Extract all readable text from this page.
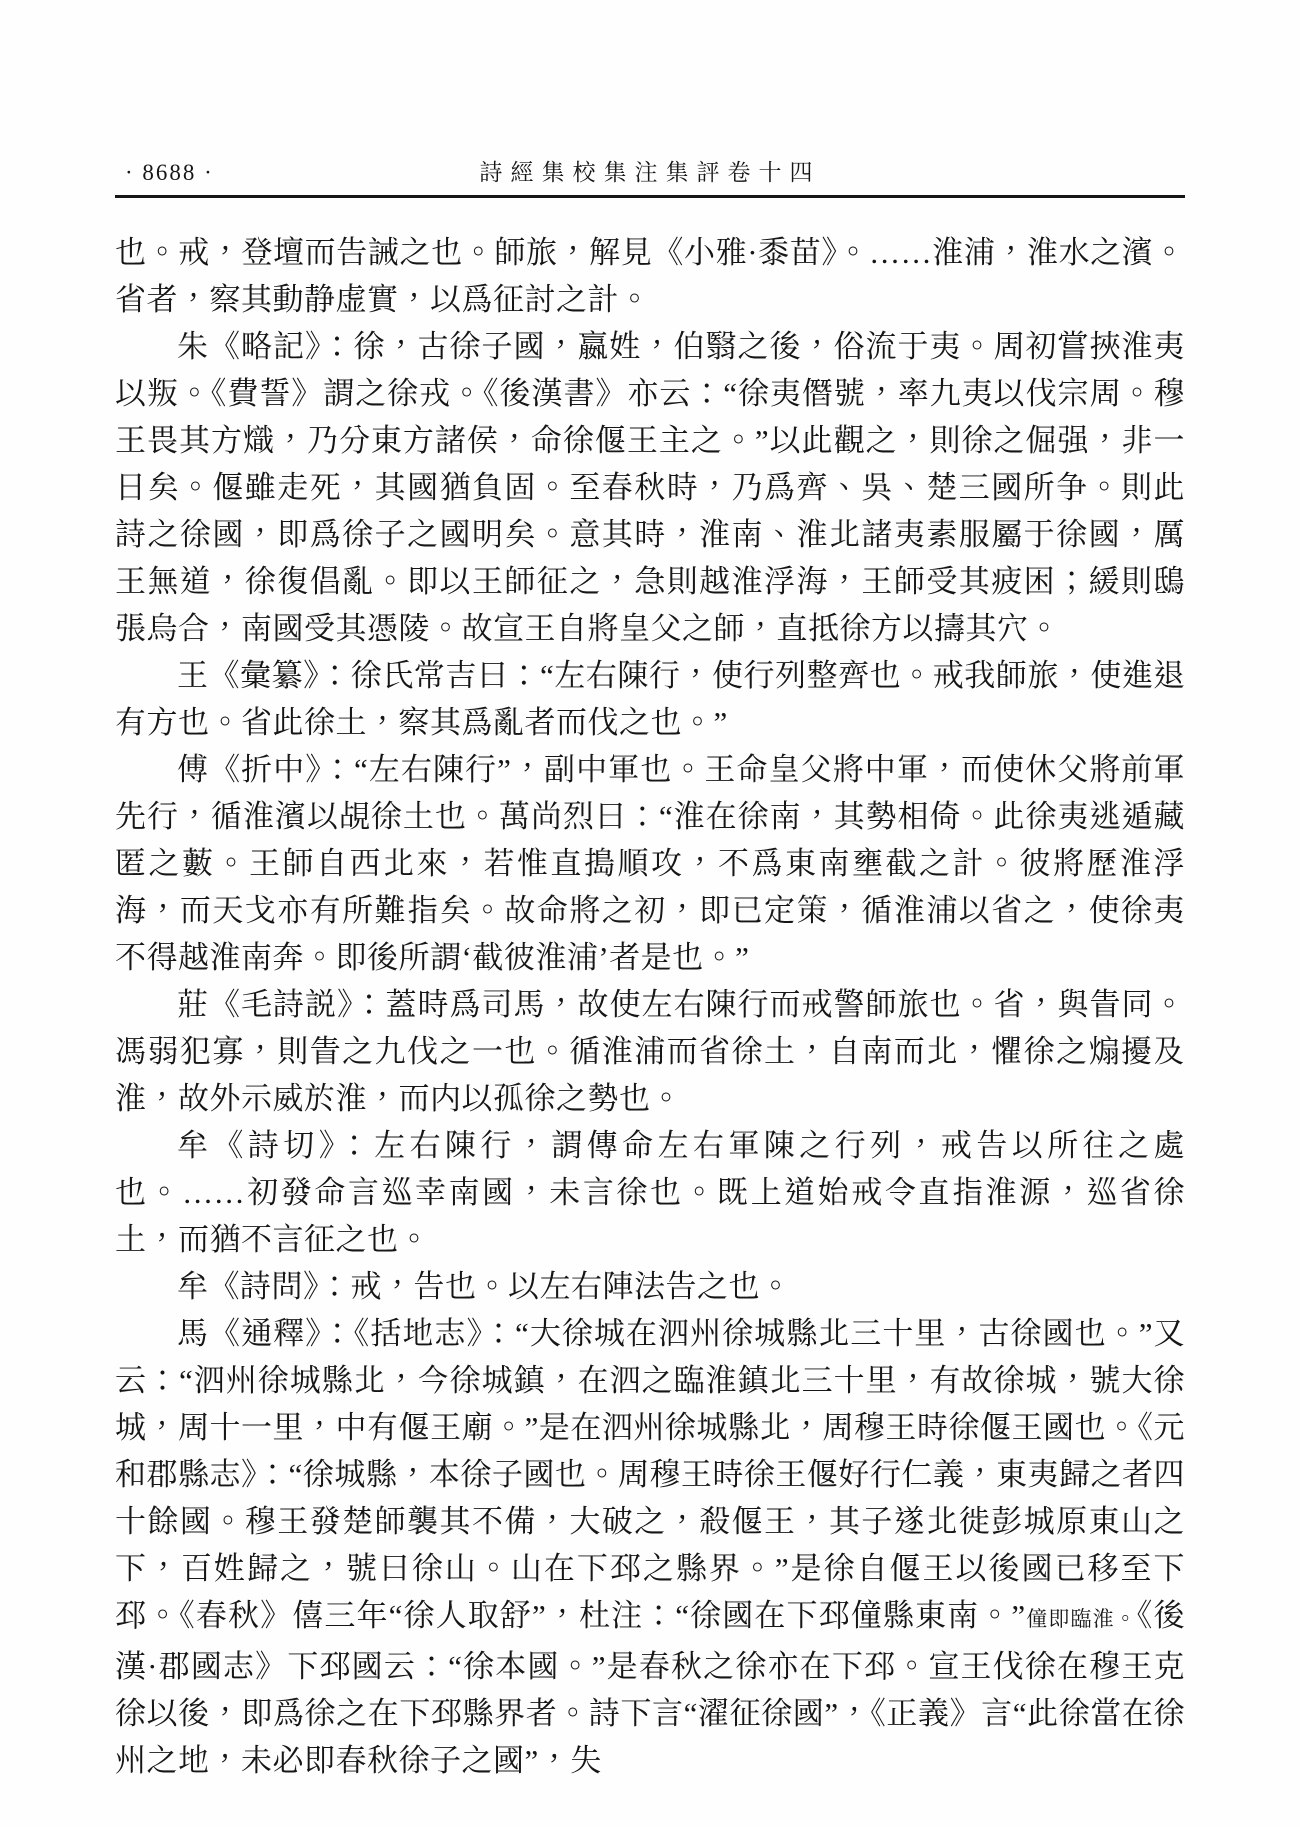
· 8688 ·	詩經集校集注集評卷十四

也。戒，登壇而告誡之也。師旅，解見《小雅·黍苗》。……淮浦，淮水之濱。省者，察其動静虚實，以爲征討之計。

朱《略記》：徐，古徐子國，嬴姓，伯翳之後，俗流于夷。周初嘗挾淮夷以叛。《費誓》謂之徐戎。《後漢書》亦云：“徐夷僭號，率九夷以伐宗周。穆王畏其方熾，乃分東方諸侯，命徐偃王主之。”以此觀之，則徐之倔强，非一日矣。偃雖走死，其國猶負固。至春秋時，乃爲齊、吳、楚三國所争。則此詩之徐國，即爲徐子之國明矣。意其時，淮南、淮北諸夷素服屬于徐國，厲王無道，徐復倡亂。即以王師征之，急則越淮浮海，王師受其疲困；緩則鴟張烏合，南國受其憑陵。故宣王自將皇父之師，直抵徐方以擣其穴。

王《彙纂》：徐氏常吉曰：“左右陳行，使行列整齊也。戒我師旅，使進退有方也。省此徐土，察其爲亂者而伐之也。”

傅《折中》：“左右陳行”，副中軍也。王命皇父將中軍，而使休父將前軍先行，循淮濱以覘徐土也。萬尚烈曰：“淮在徐南，其勢相倚。此徐夷逃遁藏匿之藪。王師自西北來，若惟直搗順攻，不爲東南壅截之計。彼將歷淮浮海，而天戈亦有所難指矣。故命將之初，即已定策，循淮浦以省之，使徐夷不得越淮南奔。即後所謂‘截彼淮浦’者是也。”

莊《毛詩説》：蓋時爲司馬，故使左右陳行而戒警師旅也。省，與眚同。馮弱犯寡，則眚之九伐之一也。循淮浦而省徐土，自南而北，懼徐之煽擾及淮，故外示威於淮，而内以孤徐之勢也。

牟《詩切》：左右陳行，謂傳命左右軍陳之行列，戒告以所往之處也。……初發命言巡幸南國，未言徐也。既上道始戒令直指淮源，巡省徐土，而猶不言征之也。

牟《詩問》：戒，告也。以左右陣法告之也。

馬《通釋》：《括地志》：“大徐城在泗州徐城縣北三十里，古徐國也。”又云：“泗州徐城縣北，今徐城鎮，在泗之臨淮鎮北三十里，有故徐城，號大徐城，周十一里，中有偃王廟。”是在泗州徐城縣北，周穆王時徐偃王國也。《元和郡縣志》：“徐城縣，本徐子國也。周穆王時徐王偃好行仁義，東夷歸之者四十餘國。穆王發楚師襲其不備，大破之，殺偃王，其子遂北徙彭城原東山之下，百姓歸之，號曰徐山。山在下邳之縣界。”是徐自偃王以後國已移至下邳。《春秋》僖三年“徐人取舒”，杜注：“徐國在下邳僮縣東南。”僮即臨淮。《後漢·郡國志》下邳國云：“徐本國。”是春秋之徐亦在下邳。宣王伐徐在穆王克徐以後，即爲徐之在下邳縣界者。詩下言“濯征徐國”，《正義》言“此徐當在徐州之地，未必即春秋徐子之國”，失
